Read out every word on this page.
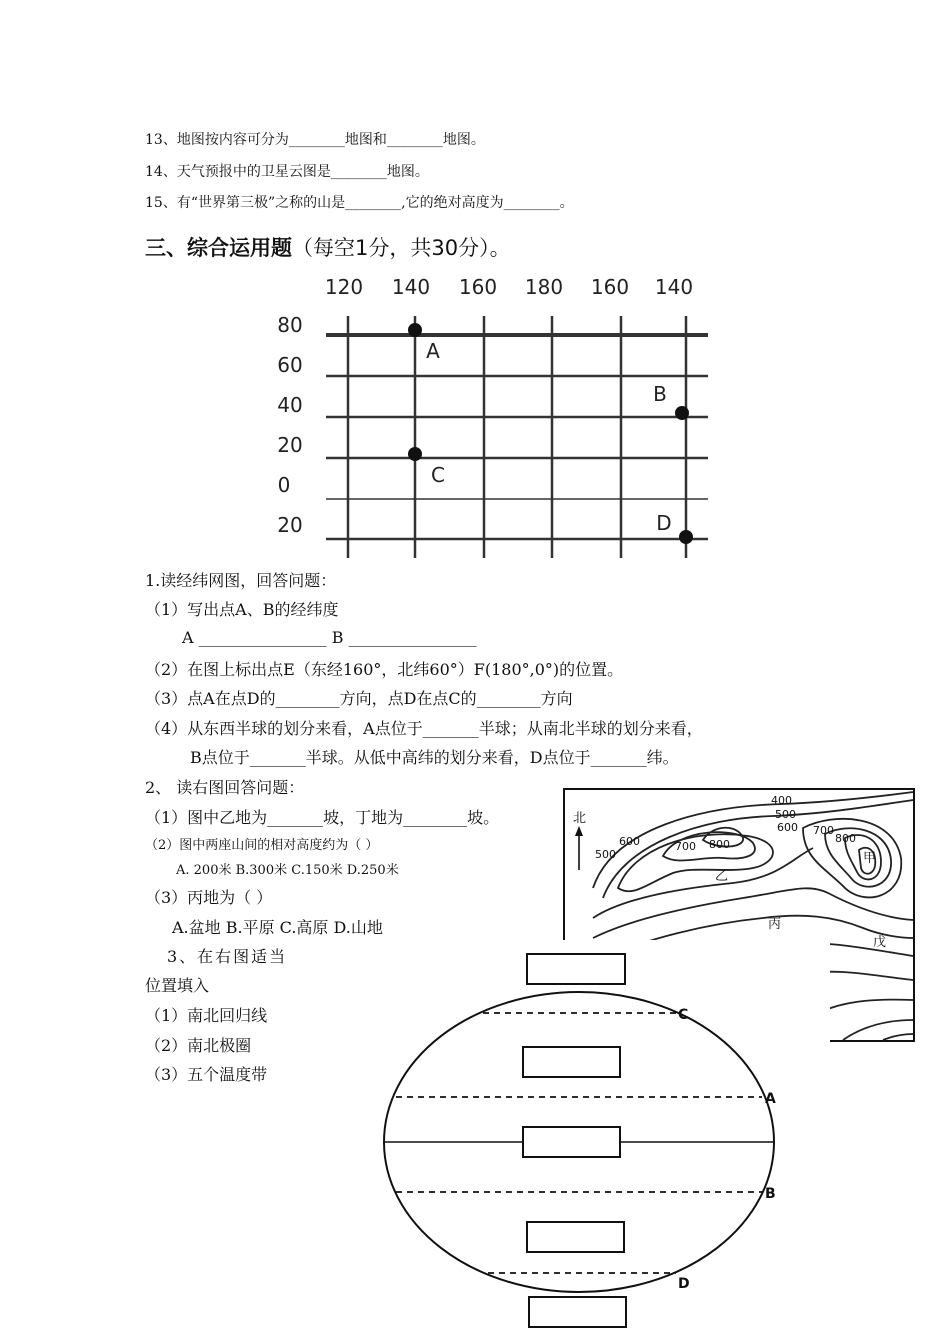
13、地图按内容可分为________地图和________地图。
14、天气预报中的卫星云图是________地图。
15、有“世界第三极”之称的山是________,它的绝对高度为________。
三、综合运用题（每空1分，共30分）。
120 140 160 180 160 140
80
60
40
20
0
20
A
B
C
D
1.读经纬网图，回答问题：
（1）写出点A、B的经纬度
A ________________ B ________________
（2）在图上标出点E（东经160°，北纬60°）F(180°,0°)的位置。
（3）点A在点D的________方向，点D在点C的________方向
（4）从东西半球的划分来看，A点位于_______半球；从南北半球的划分来看，
B点位于_______半球。从低中高纬的划分来看，D点位于_______纬。
2、 读右图回答问题：
（1）图中乙地为_______坡，丁地为________坡。
（2）图中两座山间的相对高度约为（ ）
A. 200米 B.300米 C.150米 D.250米
（3）丙地为（ ）
A.盆地 B.平原 C.高原 D.山地
北
400
500
600	700 800
500
600 700
800
甲
乙
丙
戊
C
A
B
D
3、在右图适当
位置填入
（1）南北回归线
（2）南北极圈
（3）五个温度带
